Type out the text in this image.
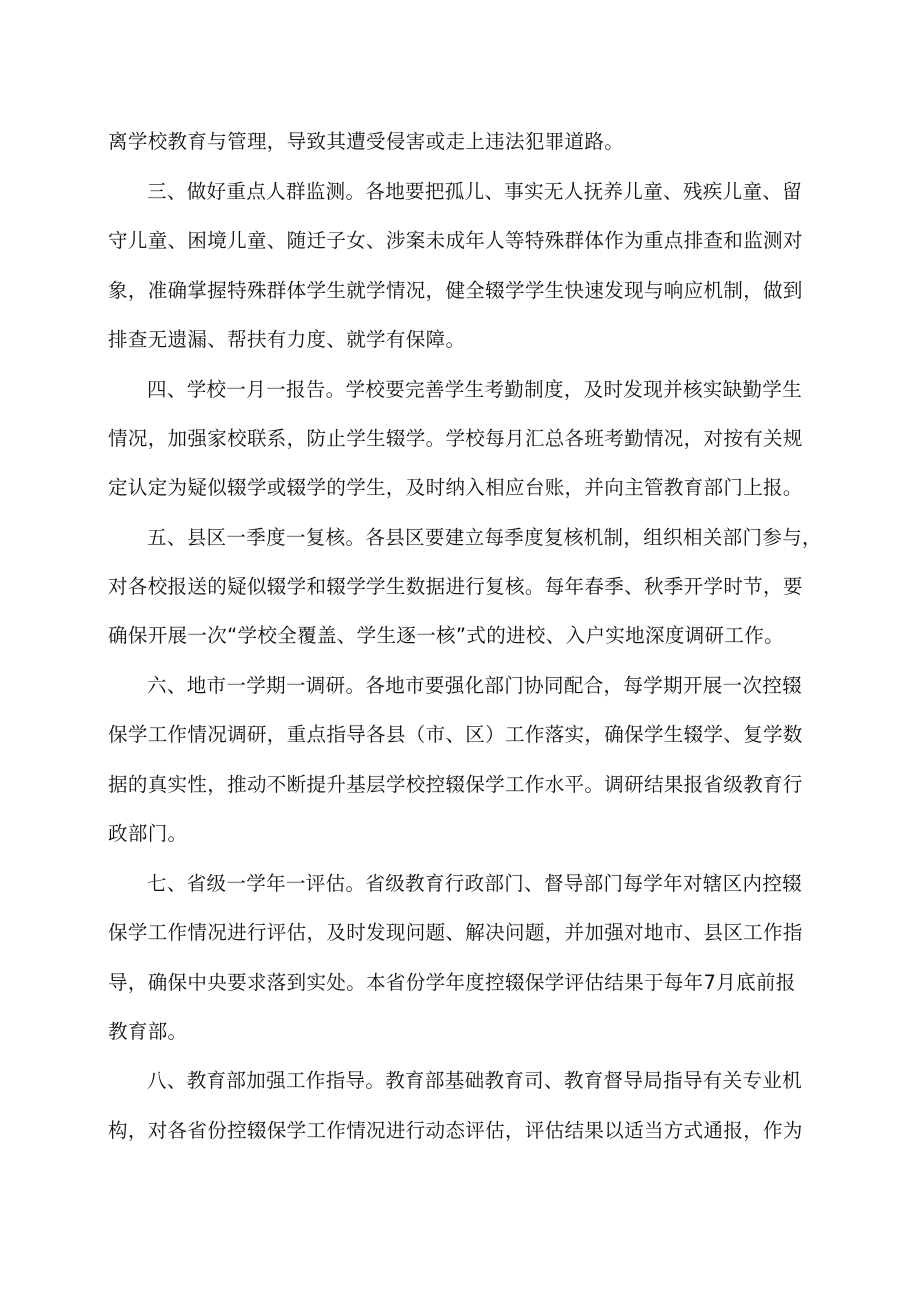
离学校教育与管理，导致其遭受侵害或走上违法犯罪道路。
三、做好重点人群监测。各地要把孤儿、事实无人抚养儿童、残疾儿童、留
守儿童、困境儿童、随迁子女、涉案未成年人等特殊群体作为重点排查和监测对
象，准确掌握特殊群体学生就学情况，健全辍学学生快速发现与响应机制，做到
排查无遗漏、帮扶有力度、就学有保障。
四、学校一月一报告。学校要完善学生考勤制度，及时发现并核实缺勤学生
情况，加强家校联系，防止学生辍学。学校每月汇总各班考勤情况，对按有关规
定认定为疑似辍学或辍学的学生，及时纳入相应台账，并向主管教育部门上报。
五、县区一季度一复核。各县区要建立每季度复核机制，组织相关部门参与，
对各校报送的疑似辍学和辍学学生数据进行复核。每年春季、秋季开学时节，要
确保开展一次“学校全覆盖、学生逐一核”式的进校、入户实地深度调研工作。
六、地市一学期一调研。各地市要强化部门协同配合，每学期开展一次控辍
保学工作情况调研，重点指导各县（市、区）工作落实，确保学生辍学、复学数
据的真实性，推动不断提升基层学校控辍保学工作水平。调研结果报省级教育行
政部门。
七、省级一学年一评估。省级教育行政部门、督导部门每学年对辖区内控辍
保学工作情况进行评估，及时发现问题、解决问题，并加强对地市、县区工作指
导，确保中央要求落到实处。本省份学年度控辍保学评估结果于每年7月底前报
教育部。
八、教育部加强工作指导。教育部基础教育司、教育督导局指导有关专业机
构，对各省份控辍保学工作情况进行动态评估，评估结果以适当方式通报，作为
